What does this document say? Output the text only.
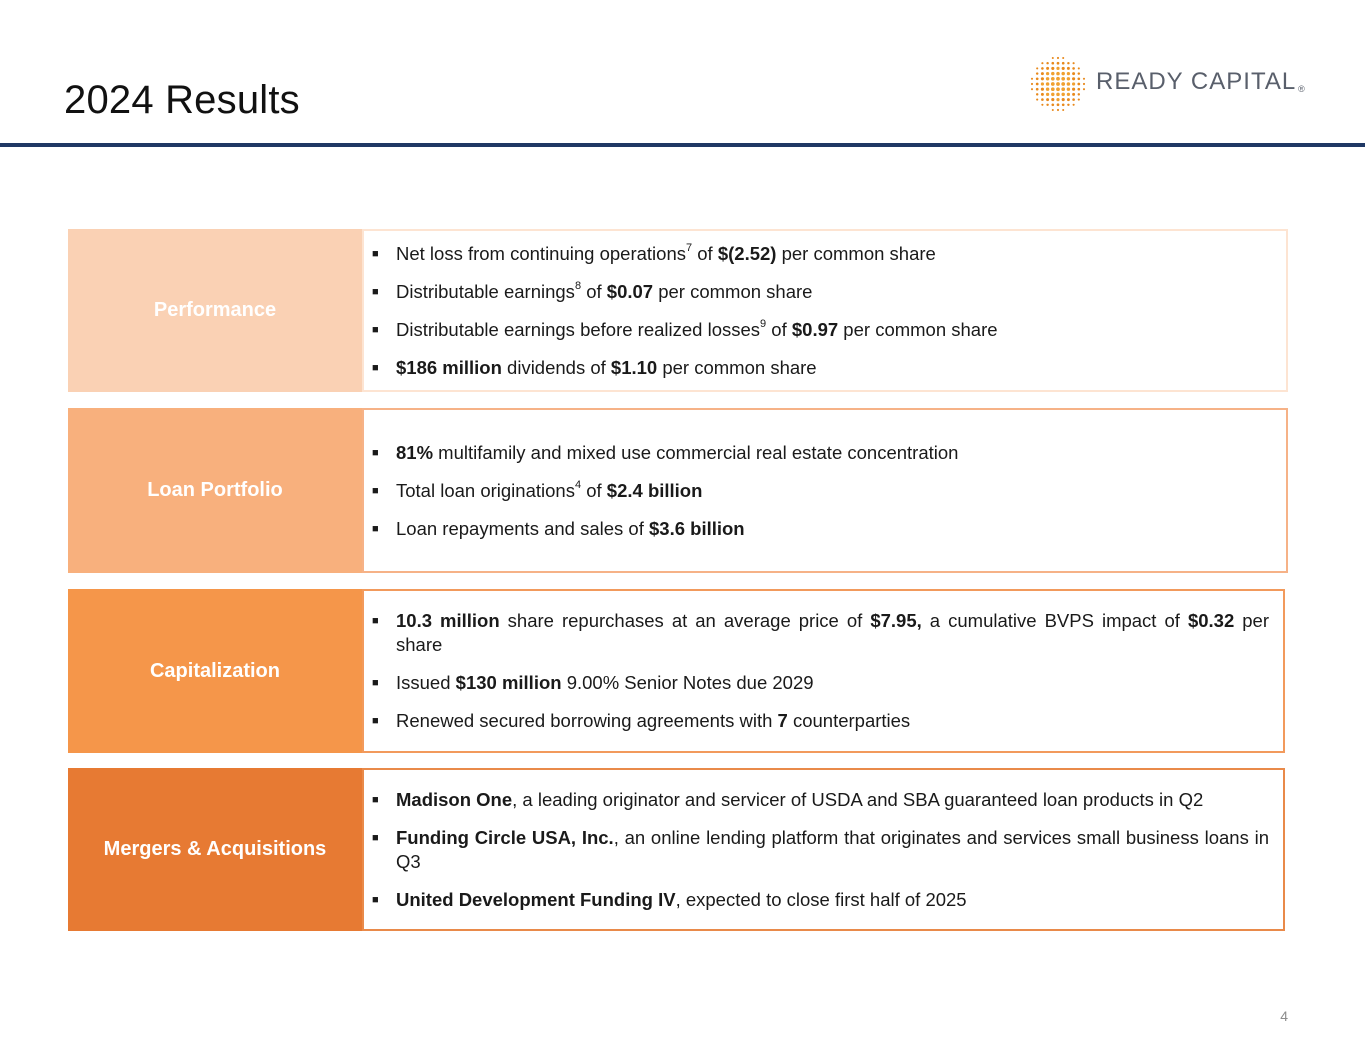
2024 Results	READY CAPITAL ®
Performance
■ Net loss from continuing operations$^7$ of $(2.52) per common share
■ Distributable earnings$^8$ of $0.07 per common share
■ Distributable earnings before realized losses$^9$ of $0.97 per common share
■ $186 million dividends of $1.10 per common share
Loan Portfolio
■ 81% multifamily and mixed use commercial real estate concentration
■ Total loan originations$^4$ of $2.4 billion
■ Loan repayments and sales of $3.6 billion
Capitalization
■ 10.3 million share repurchases at an average price of $7.95, a cumulative BVPS impact of $0.32 per share
■ Issued $130 million 9.00% Senior Notes due 2029
■ Renewed secured borrowing agreements with 7 counterparties
Mergers & Acquisitions
■ Madison One, a leading originator and servicer of USDA and SBA guaranteed loan products in Q2
■ Funding Circle USA, Inc., an online lending platform that originates and services small business loans in Q3
■ United Development Funding IV, expected to close first half of 2025
4
